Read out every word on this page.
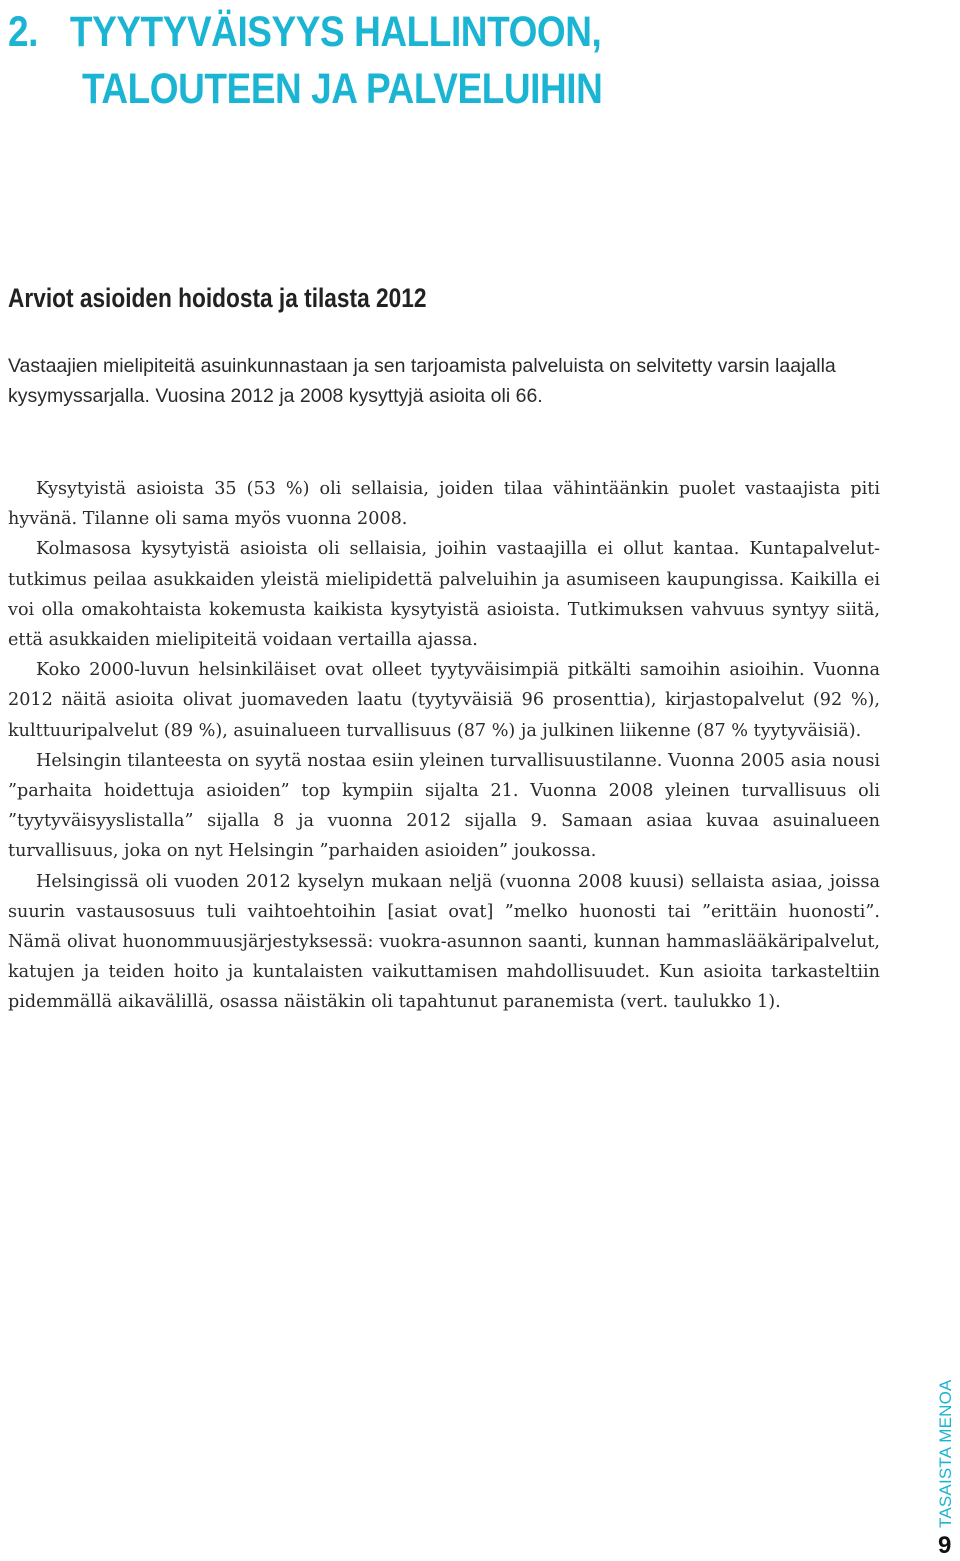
2. TYYTYVÄISYYS HALLINTOON,
TALOUTEEN JA PALVELUIHIN
Arviot asioiden hoidosta ja tilasta 2012

Vastaajien mielipiteitä asuinkunnastaan ja sen tarjoamista palveluista on selvitetty varsin laajalla kysymyssarjalla. Vuosina 2012 ja 2008 kysyttyjä asioita oli 66.

Kysytyistä asioista 35 (53 %) oli sellaisia, joiden tilaa vähintäänkin puolet vastaajista piti hyvänä. Tilanne oli sama myös vuonna 2008.

Kolmasosa kysytyistä asioista oli sellaisia, joihin vastaajilla ei ollut kantaa. Kuntapalvelut-tutkimus peilaa asukkaiden yleistä mielipidettä palveluihin ja asumiseen kaupungissa. Kaikilla ei voi olla omakohtaista kokemusta kaikista kysytyistä asioista. Tutkimuksen vahvuus syntyy siitä, että asukkaiden mielipiteitä voidaan vertailla ajassa.

Koko 2000-luvun helsinkiläiset ovat olleet tyytyväisimpiä pitkälti samoihin asioihin. Vuonna 2012 näitä asioita olivat juomaveden laatu (tyytyväisiä 96 prosenttia), kirjastopalvelut (92 %), kulttuuripalvelut (89 %), asuinalueen turvallisuus (87 %) ja julkinen liikenne (87 % tyytyväisiä).

Helsingin tilanteesta on syytä nostaa esiin yleinen turvallisuustilanne. Vuonna 2005 asia nousi ”parhaita hoidettuja asioiden” top kympiin sijalta 21. Vuonna 2008 yleinen turvallisuus oli ”tyytyväisyyslistalla” sijalla 8 ja vuonna 2012 sijalla 9. Samaan asiaa kuvaa asuinalueen turvallisuus, joka on nyt Helsingin ”parhaiden asioiden” joukossa.

Helsingissä oli vuoden 2012 kyselyn mukaan neljä (vuonna 2008 kuusi) sellaista asiaa, joissa suurin vastausosuus tuli vaihtoehtoihin [asiat ovat] ”melko huonosti tai ”erittäin huonosti”. Nämä olivat huonommuusjärjestyksessä: vuokra-asunnon saanti, kunnan hammaslääkäripalvelut, katujen ja teiden hoito ja kuntalaisten vaikuttamisen mahdollisuudet. Kun asioita tarkasteltiin pidemmällä aikavälillä, osassa näistäkin oli tapahtunut paranemista (vert. taulukko 1).

TASAISTA MENOA
9
